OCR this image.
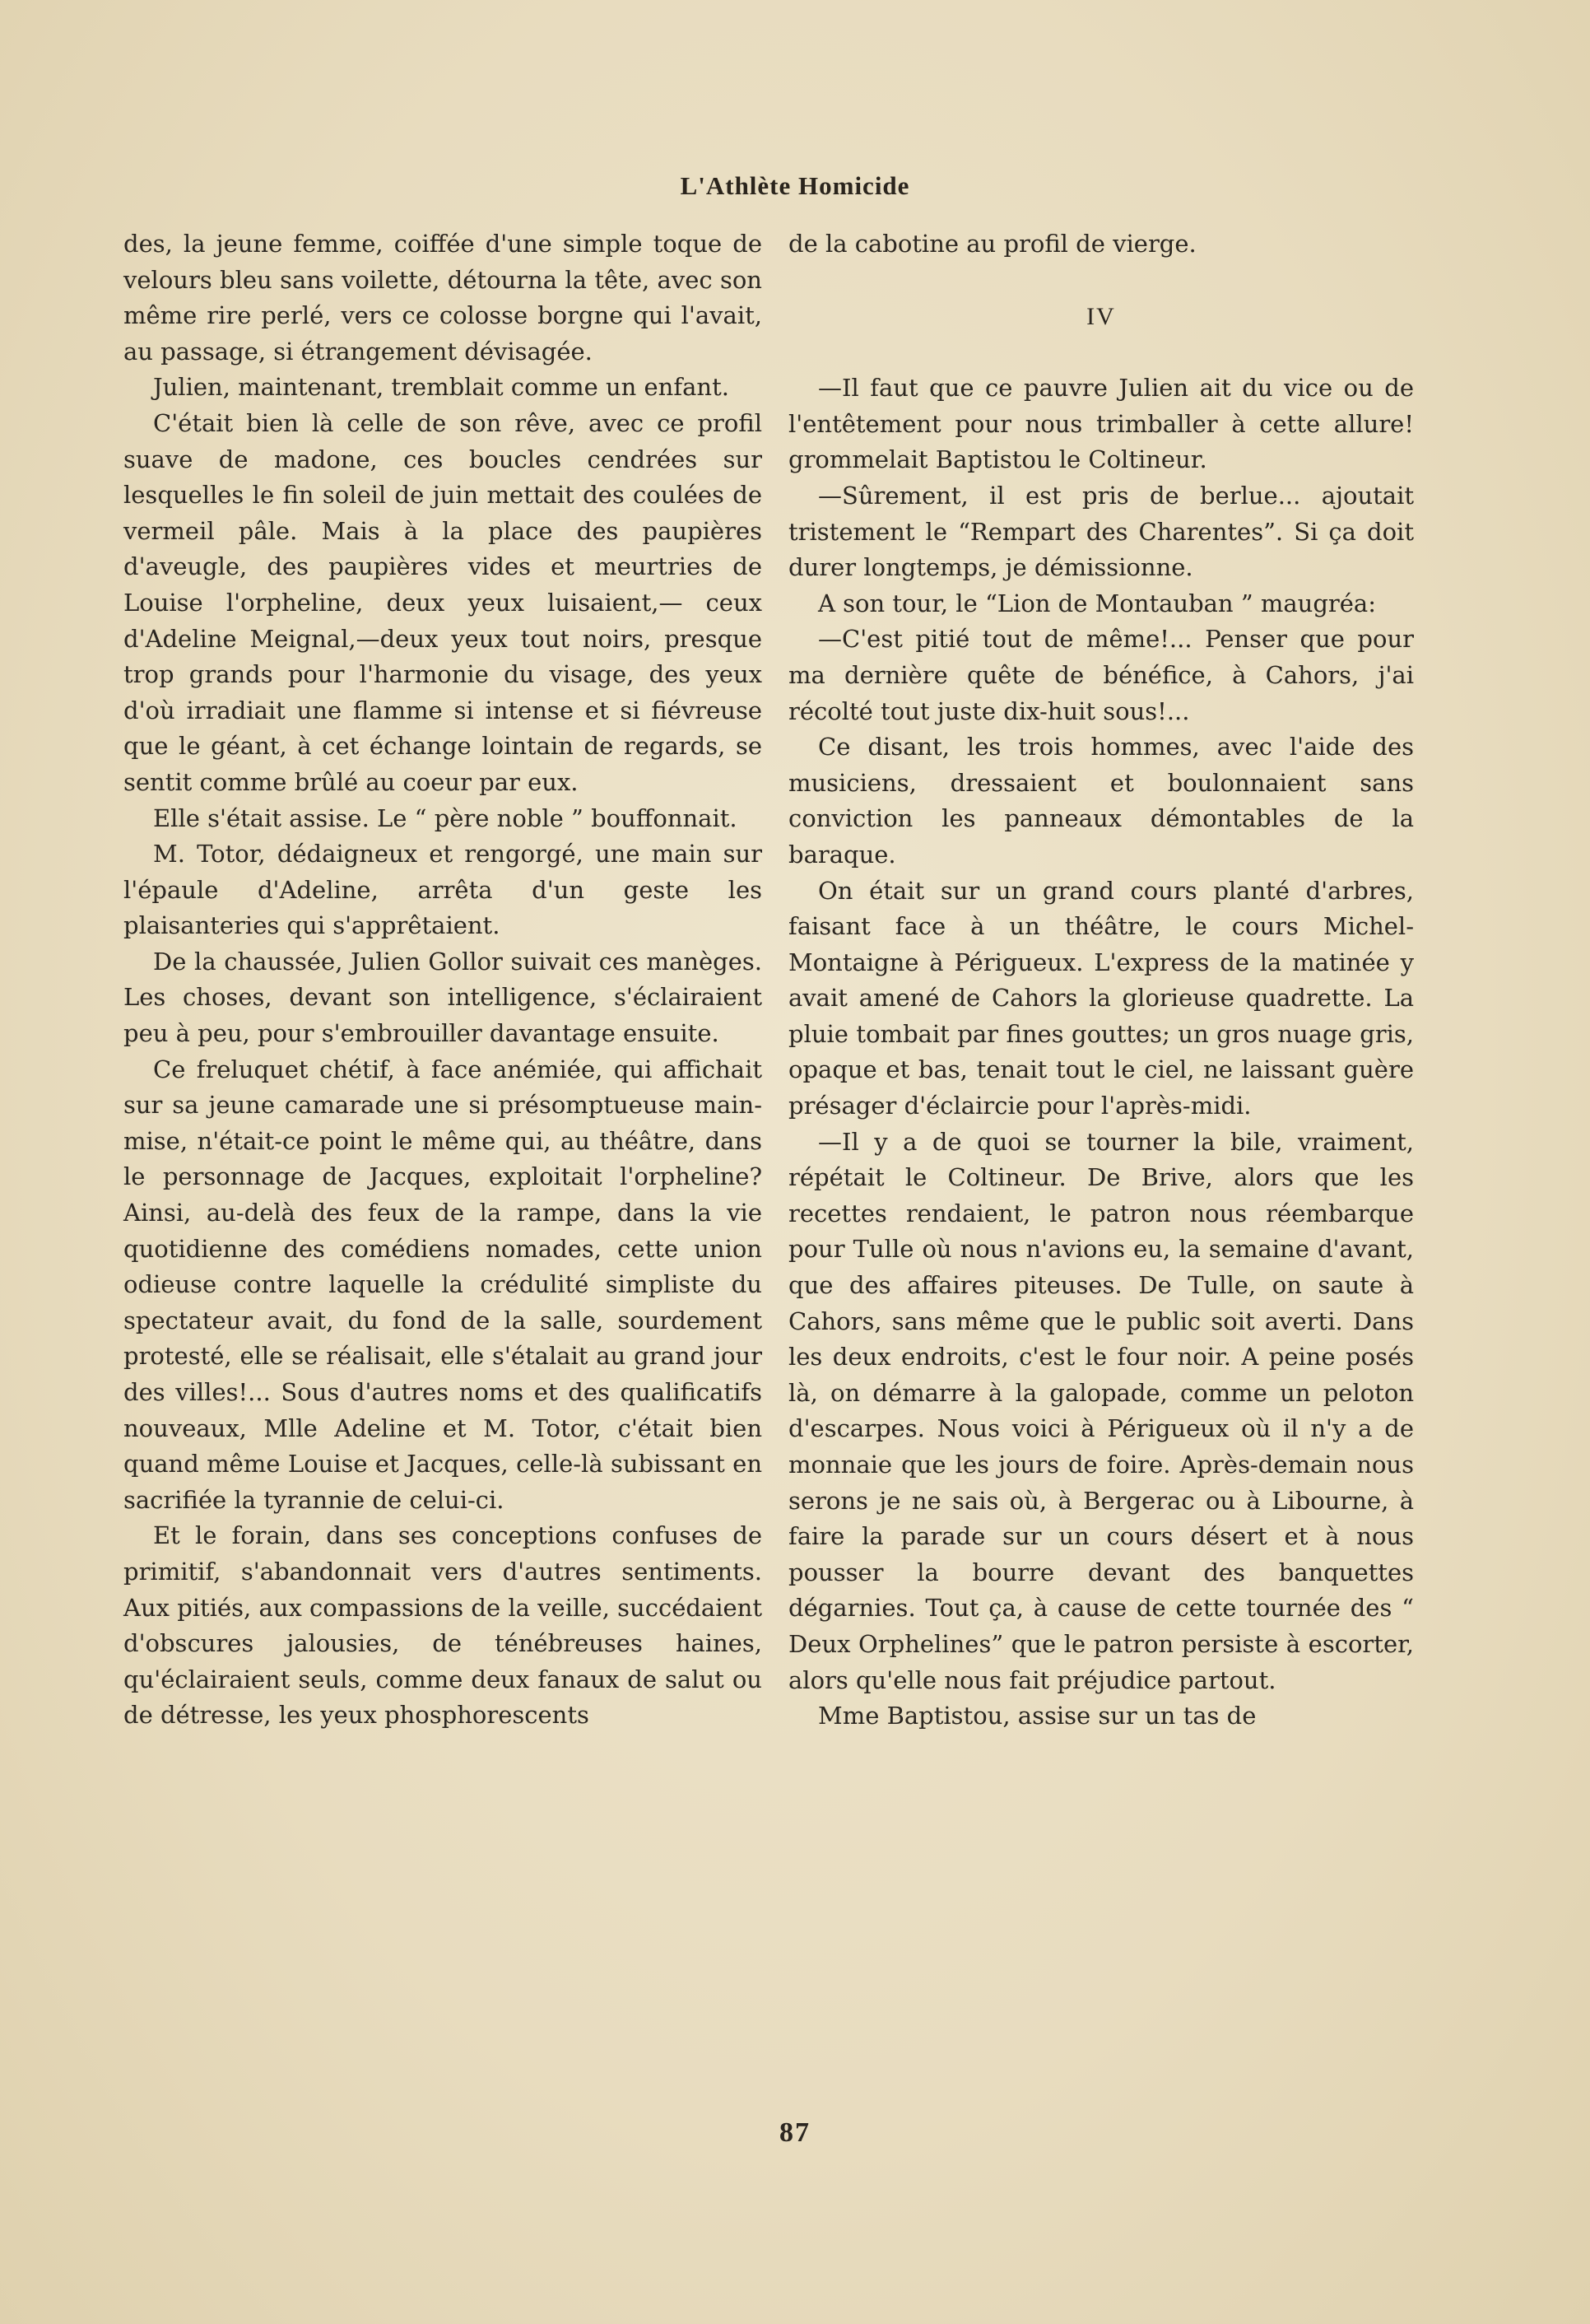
L'Athlète Homicide

des, la jeune femme, coiffée d'une simple toque de velours bleu sans voilette, détourna la tête, avec son même rire perlé, vers ce colosse borgne qui l'avait, au passage, si étrangement dévisagée.

Julien, maintenant, tremblait comme un enfant.

C'était bien là celle de son rêve, avec ce profil suave de madone, ces boucles cendrées sur lesquelles le fin soleil de juin mettait des coulées de vermeil pâle. Mais à la place des paupières d'aveugle, des paupières vides et meurtries de Louise l'orpheline, deux yeux luisaient,— ceux d'Adeline Meignal,—deux yeux tout noirs, presque trop grands pour l'harmonie du visage, des yeux d'où irradiait une flamme si intense et si fiévreuse que le géant, à cet échange lointain de regards, se sentit comme brûlé au coeur par eux.

Elle s'était assise. Le “ père noble ” bouffonnait.

M. Totor, dédaigneux et rengorgé, une main sur l'épaule d'Adeline, arrêta d'un geste les plaisanteries qui s'apprêtaient.

De la chaussée, Julien Gollor suivait ces manèges. Les choses, devant son intelligence, s'éclairaient peu à peu, pour s'embrouiller davantage ensuite.

Ce freluquet chétif, à face anémiée, qui affichait sur sa jeune camarade une si présomptueuse main-mise, n'était-ce point le même qui, au théâtre, dans le personnage de Jacques, exploitait l'orpheline? Ainsi, au-delà des feux de la rampe, dans la vie quotidienne des comédiens nomades, cette union odieuse contre laquelle la crédulité simpliste du spectateur avait, du fond de la salle, sourdement protesté, elle se réalisait, elle s'étalait au grand jour des villes!... Sous d'autres noms et des qualificatifs nouveaux, Mlle Adeline et M. Totor, c'était bien quand même Louise et Jacques, celle-là subissant en sacrifiée la tyrannie de celui-ci.

Et le forain, dans ses conceptions confuses de primitif, s'abandonnait vers d'autres sentiments. Aux pitiés, aux compassions de la veille, succédaient d'obscures jalousies, de ténébreuses haines, qu'éclairaient seuls, comme deux fanaux de salut ou de détresse, les yeux phosphorescents

de la cabotine au profil de vierge.

IV

—Il faut que ce pauvre Julien ait du vice ou de l'entêtement pour nous trimballer à cette allure! grommelait Baptistou le Coltineur.

—Sûrement, il est pris de berlue... ajoutait tristement le “Rempart des Charentes”. Si ça doit durer longtemps, je démissionne.

A son tour, le “Lion de Montauban ” maugréa:

—C'est pitié tout de même!... Penser que pour ma dernière quête de bénéfice, à Cahors, j'ai récolté tout juste dix-huit sous!...

Ce disant, les trois hommes, avec l'aide des musiciens, dressaient et boulonnaient sans conviction les panneaux démontables de la baraque.

On était sur un grand cours planté d'arbres, faisant face à un théâtre, le cours Michel-Montaigne à Périgueux. L'express de la matinée y avait amené de Cahors la glorieuse quadrette. La pluie tombait par fines gouttes; un gros nuage gris, opaque et bas, tenait tout le ciel, ne laissant guère présager d'éclaircie pour l'après-midi.

—Il y a de quoi se tourner la bile, vraiment, répétait le Coltineur. De Brive, alors que les recettes rendaient, le patron nous réembarque pour Tulle où nous n'avions eu, la semaine d'avant, que des affaires piteuses. De Tulle, on saute à Cahors, sans même que le public soit averti. Dans les deux endroits, c'est le four noir. A peine posés là, on démarre à la galopade, comme un peloton d'escarpes. Nous voici à Périgueux où il n'y a de monnaie que les jours de foire. Après-demain nous serons je ne sais où, à Bergerac ou à Libourne, à faire la parade sur un cours désert et à nous pousser la bourre devant des banquettes dégarnies. Tout ça, à cause de cette tournée des “ Deux Orphelines” que le patron persiste à escorter, alors qu'elle nous fait préjudice partout.

Mme Baptistou, assise sur un tas de

87
